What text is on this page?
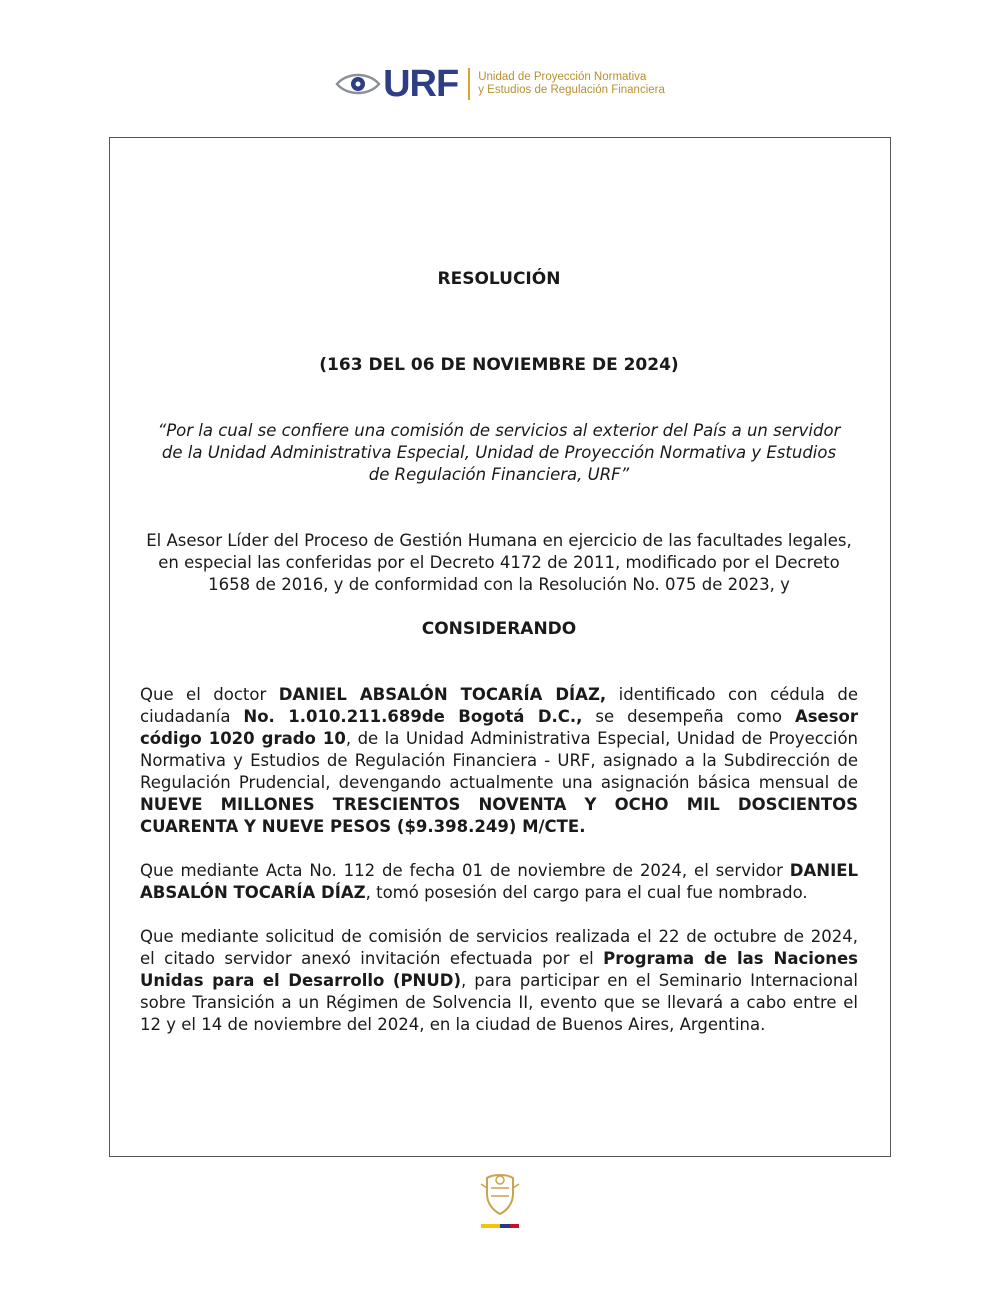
URF Unidad de Proyección Normativa
y Estudios de Regulación Financiera

RESOLUCIÓN

(163 DEL 06 DE NOVIEMBRE DE 2024)

“Por la cual se confiere una comisión de servicios al exterior del País a un servidor de la Unidad Administrativa Especial, Unidad de Proyección Normativa y Estudios de Regulación Financiera, URF”

El Asesor Líder del Proceso de Gestión Humana en ejercicio de las facultades legales, en especial las conferidas por el Decreto 4172 de 2011, modificado por el Decreto 1658 de 2016, y de conformidad con la Resolución No. 075 de 2023, y

CONSIDERANDO

Que el doctor DANIEL ABSALÓN TOCARÍA DÍAZ, identificado con cédula de ciudadanía No. 1.010.211.689de Bogotá D.C., se desempeña como Asesor código 1020 grado 10, de la Unidad Administrativa Especial, Unidad de Proyección Normativa y Estudios de Regulación Financiera - URF, asignado a la Subdirección de Regulación Prudencial, devengando actualmente una asignación básica mensual de NUEVE MILLONES TRESCIENTOS NOVENTA Y OCHO MIL DOSCIENTOS CUARENTA Y NUEVE PESOS ($9.398.249) M/CTE.

Que mediante Acta No. 112 de fecha 01 de noviembre de 2024, el servidor DANIEL ABSALÓN TOCARÍA DÍAZ, tomó posesión del cargo para el cual fue nombrado.

Que mediante solicitud de comisión de servicios realizada el 22 de octubre de 2024, el citado servidor anexó invitación efectuada por el Programa de las Naciones Unidas para el Desarrollo (PNUD), para participar en el Seminario Internacional sobre Transición a un Régimen de Solvencia II, evento que se llevará a cabo entre el 12 y el 14 de noviembre del 2024, en la ciudad de Buenos Aires, Argentina.
